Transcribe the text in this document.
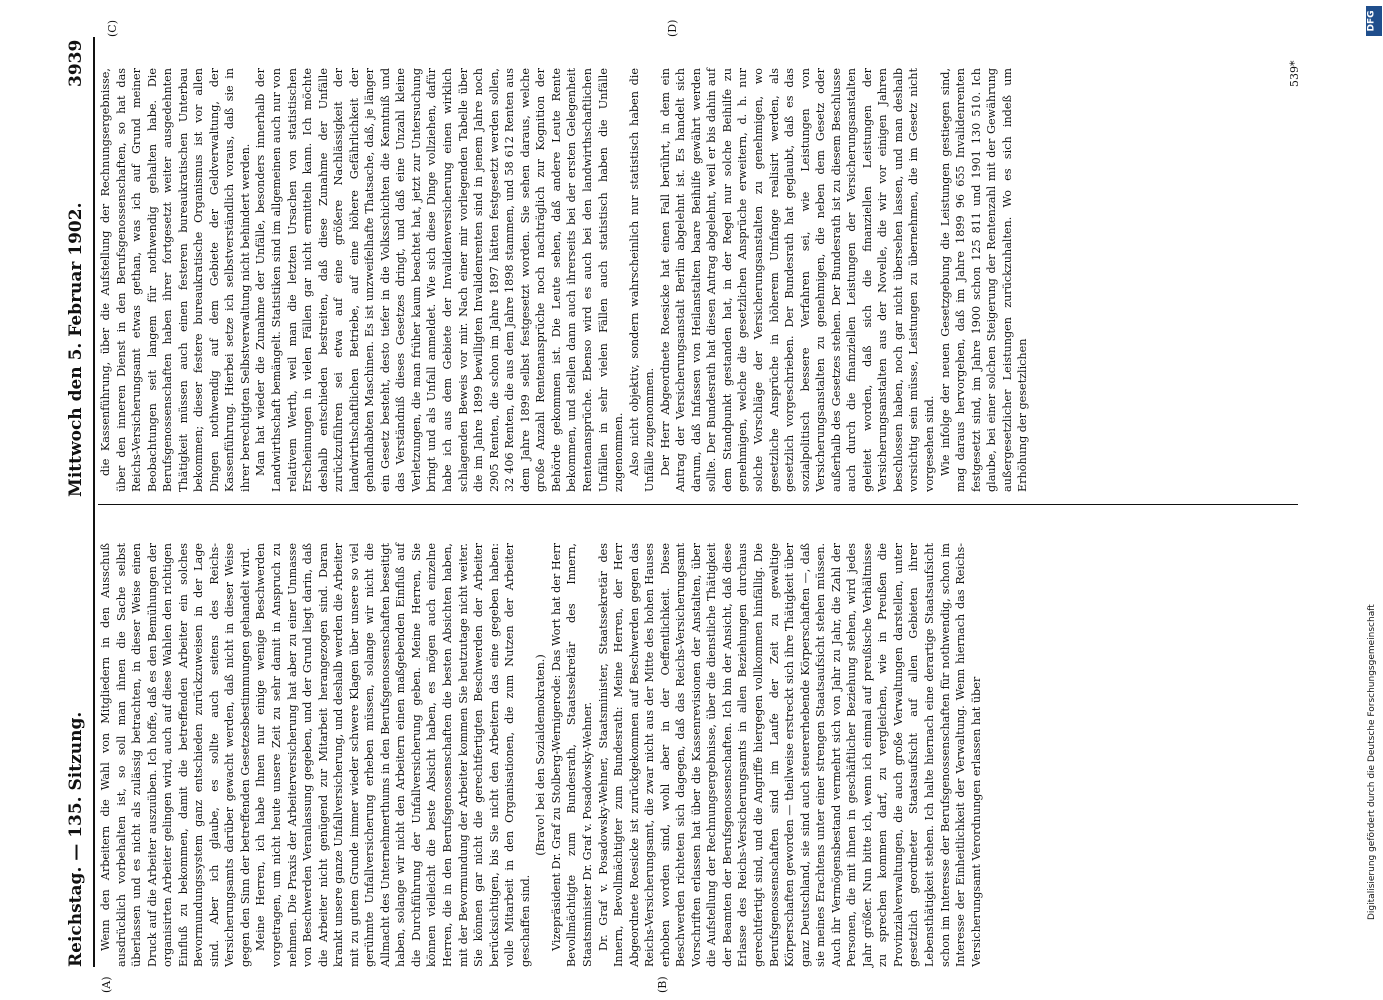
Reichstag. — 135. Sitzung.
Mittwoch den 5. Februar 1902.
3939
(A)	(B)
(C)	(D)

Wenn den Arbeitern die Wahl von Mitgliedern in den Ausschuß ausdrücklich vorbehalten ist, so soll man ihnen die Sache selbst überlassen und es nicht als zulässig betrachten, in dieser Weise einen Druck auf die Arbeiter auszuüben. Ich hoffe, daß es den Bemühungen der organisirten Arbeiter gelingen wird, auch auf diese Wahlen den richtigen Einfluß zu bekommen, damit die betreffenden Arbeiter ein solches Bevormundungssystem ganz entschieden zurückzuweisen in der Lage sind. Aber ich glaube, es sollte auch seitens des Reichs-Versicherungsamts darüber gewacht werden, daß nicht in dieser Weise gegen den Sinn der betreffenden Gesetzesbestimmungen gehandelt wird. Meine Herren, ich habe Ihnen nur einige wenige Beschwerden vorgetragen, um nicht heute unsere Zeit zu sehr damit in Anspruch zu nehmen. Die Praxis der Arbeiterversicherung hat aber zu einer Unmasse von Beschwerden Veranlassung gegeben, und der Grund liegt darin, daß die Arbeiter nicht genügend zur Mitarbeit herangezogen sind. Daran krankt unsere ganze Unfallversicherung, und deshalb werden die Arbeiter mit zu gutem Grunde immer wieder schwere Klagen über unsere so viel gerühmte Unfallversicherung erheben müssen, solange wir nicht die Allmacht des Unternehmerthums in den Berufsgenossenschaften beseitigt haben, solange wir nicht den Arbeitern einen maßgebenden Einfluß auf die Durchführung der Unfallversicherung geben. Meine Herren, Sie können vielleicht die beste Absicht haben, es mögen auch einzelne Herren, die in den Berufsgenossenschaften die besten Absichten haben, mit der Bevormundung der Arbeiter kommen Sie heutzutage nicht weiter. Sie können gar nicht die gerechtfertigten Beschwerden der Arbeiter berücksichtigen, bis Sie nicht den Arbeitern das eine gegeben haben: volle Mitarbeit in den Organisationen, die zum Nutzen der Arbeiter geschaffen sind.

(Bravo! bei den Sozialdemokraten.) Vizepräsident Dr. Graf zu Stolberg-Wernigerode: Das Wort hat der Herr Bevollmächtigte zum Bundesrath, Staatssekretär des Innern, Staatsminister Dr. Graf v. Posadowsky-Wehner. Dr. Graf v. Posadowsky-Wehner, Staatsminister, Staatssekretär des Innern, Bevollmächtigter zum Bundesrath: Meine Herren, der Herr Abgeordnete Roesicke ist zurückgekommen auf Beschwerden gegen das Reichs-Versicherungsamt, die zwar nicht aus der Mitte des hohen Hauses erhoben worden sind, wohl aber in der Oeffentlichkeit. Diese Beschwerden richteten sich dagegen, daß das Reichs-Versicherungsamt Vorschriften erlassen hat über die Kassenrevisionen der Anstalten, über die Aufstellung der Rechnungsergebnisse, über die dienstliche Thätigkeit der Beamten der Berufsgenossenschaften. Ich bin der Ansicht, daß diese Erlasse des Reichs-Versicherungsamts in allen Beziehungen durchaus gerechtfertigt sind, und die Angriffe hiergegen vollkommen hinfällig. Die Berufsgenossenschaften sind im Laufe der Zeit zu gewaltige Körperschaften geworden — theilweise erstreckt sich ihre Thätigkeit über ganz Deutschland, sie sind auch steuererhebende Körperschaften —, daß sie meines Erachtens unter einer strengen Staatsaufsicht stehen müssen. Auch ihr Vermögensbestand vermehrt sich von Jahr zu Jahr, die Zahl der Personen, die mit ihnen in geschäftlicher Beziehung stehen, wird jedes Jahr größer. Nun bitte ich, wenn ich einmal auf preußische Verhältnisse zu sprechen kommen darf, zu vergleichen, wie in Preußen die Provinzialverwaltungen, die auch große Verwaltungen darstellen, unter gesetzlich geordneter Staatsaufsicht auf allen Gebieten ihrer Lebensthätigkeit stehen. Ich halte hiernach eine derartige Staatsaufsicht schon im Interesse der Berufsgenossenschaften für nothwendig, schon im Interesse der Einheitlichkeit der Verwaltung. Wenn hiernach das Reichs-Versicherungsamt Verordnungen erlassen hat über

die Kassenführung, über die Aufstellung der Rechnungsergebnisse, über den inneren Dienst in den Berufsgenossenschaften, so hat das Reichs-Versicherungsamt etwas gethan, was ich auf Grund meiner Beobachtungen seit langem für nothwendig gehalten habe. Die Berufsgenossenschaften haben ihrer fortgesetzt weiter ausgedehnten Thätigkeit müssen auch einen festeren bureaukratischen Unterbau bekommen; dieser festere bureaukratische Organismus ist vor allen Dingen nothwendig auf dem Gebiete der Geldverwaltung, der Kassenführung. Hierbei setze ich selbstverständlich voraus, daß sie in ihrer berechtigten Selbstverwaltung nicht behindert werden. Man hat wieder die Zunahme der Unfälle, besonders innerhalb der Landwirthschaft bemängelt. Statistiken sind im allgemeinen auch nur von relativem Werth, weil man die letzten Ursachen von statistischen Erscheinungen in vielen Fällen gar nicht ermitteln kann. Ich möchte deshalb entschieden bestreiten, daß diese Zunahme der Unfälle zurückzuführen sei etwa auf eine größere Nachlässigkeit der landwirthschaftlichen Betriebe, auf eine höhere Gefährlichkeit der gehandhabten Maschinen. Es ist unzweifelhafte Thatsache, daß, je länger ein Gesetz besteht, desto tiefer in die Volksschichten die Kenntniß und das Verständniß dieses Gesetzes dringt, und daß eine Unzahl kleine Verletzungen, die man früher kaum beachtet hat, jetzt zur Untersuchung bringt und als Unfall anmeldet. Wie sich diese Dinge vollziehen, dafür habe ich aus dem Gebiete der Invalidenversicherung einen wirklich schlagenden Beweis vor mir. Nach einer mir vorliegenden Tabelle über die im Jahre 1899 bewilligten Invalidenrenten sind in jenem Jahre noch 2905 Renten, die schon im Jahre 1897 hätten festgesetzt werden sollen, 32 406 Renten, die aus dem Jahre 1898 stammen, und 58 612 Renten aus dem Jahre 1899 selbst festgesetzt worden. Sie sehen daraus, welche große Anzahl Rentenansprüche noch nachträglich zur Kognition der Behörde gekommen ist. Die Leute sehen, daß andere Leute Rente bekommen, und stellen dann auch ihrerseits bei der ersten Gelegenheit Rentenansprüche. Ebenso wird es auch bei den landwirthschaftlichen Unfällen in sehr vielen Fällen auch statistisch haben die Unfälle zugenommen. Also nicht objektiv, sondern wahrscheinlich nur statistisch haben die Unfälle zugenommen. Der Herr Abgeordnete Roesicke hat einen Fall berührt, in dem ein Antrag der Versicherungsanstalt Berlin abgelehnt ist. Es handelt sich darum, daß Infassen von Heilanstalten baare Beihilfe gewährt werden sollte. Der Bundesrath hat diesen Antrag abgelehnt, weil er bis dahin auf dem Standpunkt gestanden hat, in der Regel nur solche Beihilfe zu genehmigen, welche die gesetzlichen Ansprüche erweitern, d. h. nur solche Vorschläge der Versicherungsanstalten zu genehmigen, wo gesetzliche Ansprüche in höherem Umfange realisirt werden, als gesetzlich vorgeschrieben. Der Bundesrath hat geglaubt, daß es das sozialpolitisch bessere Verfahren sei, wie Leistungen von Versicherungsanstalten zu genehmigen, die neben dem Gesetz oder außerhalb des Gesetzes stehen. Der Bundesrath ist zu diesem Beschlusse auch durch die finanziellen Leistungen der Versicherungsanstalten geleitet worden, daß sich die finanziellen Leistungen der Versicherungsanstalten aus der Novelle, die wir vor einigen Jahren beschlossen haben, noch gar nicht übersehen lassen, und man deshalb vorsichtig sein müsse, Leistungen zu übernehmen, die im Gesetz nicht vorgesehen sind. Wie infolge der neuen Gesetzgebung die Leistungen gestiegen sind, mag daraus hervorgehen, daß im Jahre 1899 96 655 Invalidenrenten festgesetzt sind, im Jahre 1900 schon 125 811 und 1901 130 510. Ich glaube, bei einer solchen Steigerung der Rentenzahl mit der Gewährung außergesetzlicher Leistungen zurückzuhalten. Wo es sich indeß um Erhöhung der gesetzlichen

539*
Digitalisierung gefördert durch die Deutsche Forschungsgemeinschaft
DFG
